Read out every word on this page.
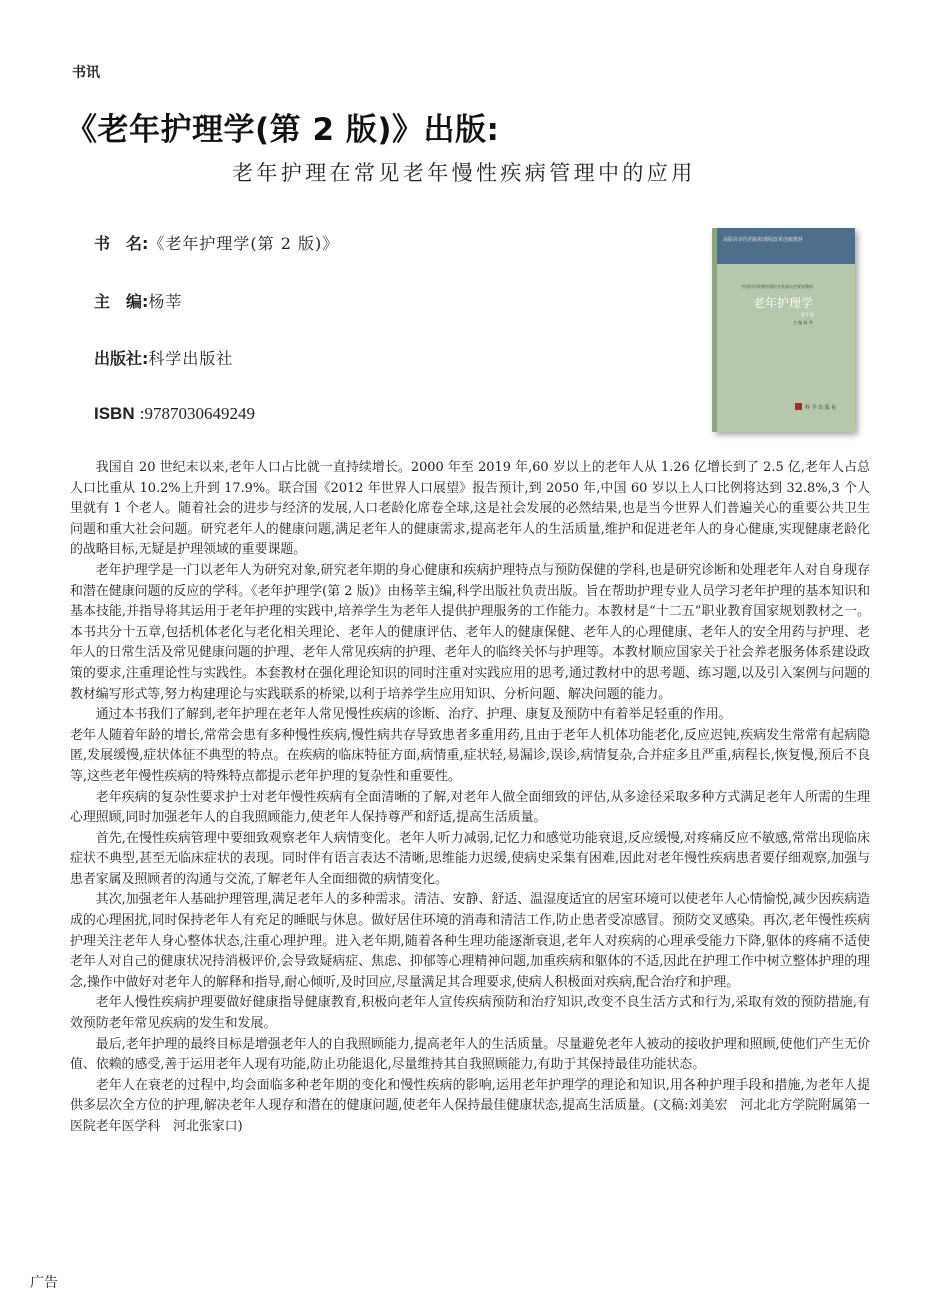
书讯
《老年护理学(第 2 版)》出版:
老年护理在常见老年慢性疾病管理中的应用
书　名:《老年护理学(第 2 版)》
主　编:杨莘
出版社:科学出版社
ISBN :9787030649249
高职高专医药院校课程改革创新教材
中国科学院教材建设专家委员会规划教材
老年护理学
第 2 版
主 编 杨 莘
科 学 出 版 社

我国自 20 世纪末以来,老年人口占比就一直持续增长。2000 年至 2019 年,60 岁以上的老年人从 1.26 亿增长到了 2.5 亿,老年人占总人口比重从 10.2%上升到 17.9%。联合国《2012 年世界人口展望》报告预计,到 2050 年,中国 60 岁以上人口比例将达到 32.8%,3 个人里就有 1 个老人。随着社会的进步与经济的发展,人口老龄化席卷全球,这是社会发展的必然结果,也是当今世界人们普遍关心的重要公共卫生问题和重大社会问题。研究老年人的健康问题,满足老年人的健康需求,提高老年人的生活质量,维护和促进老年人的身心健康,实现健康老龄化的战略目标,无疑是护理领域的重要课题。

老年护理学是一门以老年人为研究对象,研究老年期的身心健康和疾病护理特点与预防保健的学科,也是研究诊断和处理老年人对自身现存和潜在健康问题的反应的学科。《老年护理学(第 2 版)》由杨莘主编,科学出版社负责出版。旨在帮助护理专业人员学习老年护理的基本知识和基本技能,并指导将其运用于老年护理的实践中,培养学生为老年人提供护理服务的工作能力。本教材是“十二五”职业教育国家规划教材之一。本书共分十五章,包括机体老化与老化相关理论、老年人的健康评估、老年人的健康保健、老年人的心理健康、老年人的安全用药与护理、老年人的日常生活及常见健康问题的护理、老年人常见疾病的护理、老年人的临终关怀与护理等。本教材顺应国家关于社会养老服务体系建设政策的要求,注重理论性与实践性。本套教材在强化理论知识的同时注重对实践应用的思考,通过教材中的思考题、练习题,以及引入案例与问题的教材编写形式等,努力构建理论与实践联系的桥梁,以利于培养学生应用知识、分析问题、解决问题的能力。

通过本书我们了解到,老年护理在老年人常见慢性疾病的诊断、治疗、护理、康复及预防中有着举足轻重的作用。

老年人随着年龄的增长,常常会患有多种慢性疾病,慢性病共存导致患者多重用药,且由于老年人机体功能老化,反应迟钝,疾病发生常常有起病隐匿,发展缓慢,症状体征不典型的特点。在疾病的临床特征方面,病情重,症状轻,易漏诊,误诊,病情复杂,合并症多且严重,病程长,恢复慢,预后不良等,这些老年慢性疾病的特殊特点都提示老年护理的复杂性和重要性。

老年疾病的复杂性要求护士对老年慢性疾病有全面清晰的了解,对老年人做全面细致的评估,从多途径采取多种方式满足老年人所需的生理心理照顾,同时加强老年人的自我照顾能力,使老年人保持尊严和舒适,提高生活质量。

首先,在慢性疾病管理中要细致观察老年人病情变化。老年人听力减弱,记忆力和感觉功能衰退,反应缓慢,对疼痛反应不敏感,常常出现临床症状不典型,甚至无临床症状的表现。同时伴有语言表达不清晰,思维能力迟缓,使病史采集有困难,因此对老年慢性疾病患者要仔细观察,加强与患者家属及照顾者的沟通与交流,了解老年人全面细微的病情变化。

其次,加强老年人基础护理管理,满足老年人的多种需求。清洁、安静、舒适、温湿度适宜的居室环境可以使老年人心情愉悦,减少因疾病造成的心理困扰,同时保持老年人有充足的睡眠与休息。做好居住环境的消毒和清洁工作,防止患者受凉感冒。预防交叉感染。再次,老年慢性疾病护理关注老年人身心整体状态,注重心理护理。进入老年期,随着各种生理功能逐渐衰退,老年人对疾病的心理承受能力下降,躯体的疼痛不适使老年人对自己的健康状况持消极评价,会导致疑病症、焦虑、抑郁等心理精神问题,加重疾病和躯体的不适,因此在护理工作中树立整体护理的理念,操作中做好对老年人的解释和指导,耐心倾听,及时回应,尽量满足其合理要求,使病人积极面对疾病,配合治疗和护理。

老年人慢性疾病护理要做好健康指导健康教育,积极向老年人宣传疾病预防和治疗知识,改变不良生活方式和行为,采取有效的预防措施,有效预防老年常见疾病的发生和发展。

最后,老年护理的最终目标是增强老年人的自我照顾能力,提高老年人的生活质量。尽量避免老年人被动的接收护理和照顾,使他们产生无价值、依赖的感受,善于运用老年人现有功能,防止功能退化,尽量维持其自我照顾能力,有助于其保持最佳功能状态。

老年人在衰老的过程中,均会面临多种老年期的变化和慢性疾病的影响,运用老年护理学的理论和知识,用各种护理手段和措施,为老年人提供多层次全方位的护理,解决老年人现存和潜在的健康问题,使老年人保持最佳健康状态,提高生活质量。(文稿:刘美宏　河北北方学院附属第一医院老年医学科　河北张家口)

广告
